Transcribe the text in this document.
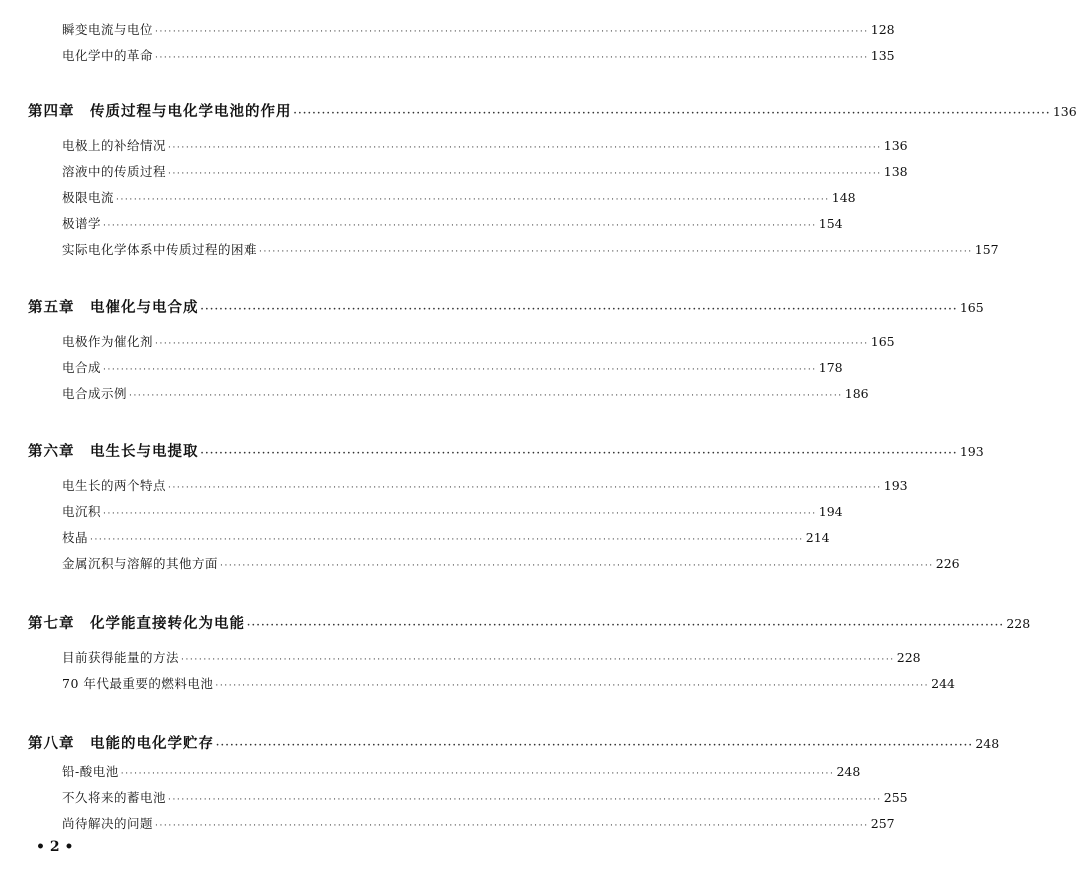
瞬变电流与电位 ································································································································································ 128
电化学中的革命 ································································································································································ 135
第四章　传质过程与电化学电池的作用 ································································································································································ 136
电极上的补给情况 ································································································································································ 136
溶液中的传质过程 ································································································································································ 138
极限电流 ································································································································································ 148
极谱学 ································································································································································ 154
实际电化学体系中传质过程的困难 ································································································································································ 157
第五章　电催化与电合成 ································································································································································ 165
电极作为催化剂 ································································································································································ 165
电合成 ································································································································································ 178
电合成示例 ································································································································································ 186
第六章　电生长与电提取 ································································································································································ 193
电生长的两个特点 ································································································································································ 193
电沉积 ································································································································································ 194
枝晶 ································································································································································ 214
金属沉积与溶解的其他方面 ································································································································································ 226
第七章　化学能直接转化为电能 ································································································································································ 228
目前获得能量的方法 ································································································································································ 228
70 年代最重要的燃料电池 ································································································································································ 244
第八章　电能的电化学贮存 ································································································································································ 248
铅-酸电池 ································································································································································ 248
不久将来的蓄电池 ································································································································································ 255
尚待解决的问题 ································································································································································ 257
• 2 •
